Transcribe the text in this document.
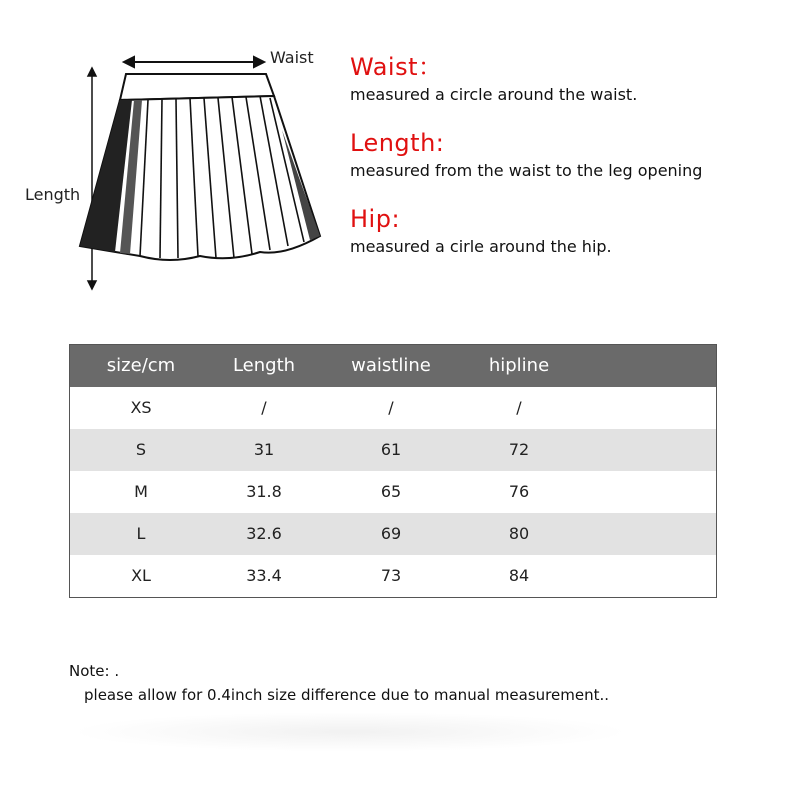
Waist
Length
Waist：
measured a circle around the waist.
Length:
measured from the waist to the leg opening
Hip:
measured a cirle around the hip.
size/cm	Length	waistline	hipline	
XS	/	/	/	
S	31	61	72	
M	31.8	65	76	
L	32.6	69	80	
XL	33.4	73	84	
Note: .
please allow for 0.4inch size difference due to manual measurement..
